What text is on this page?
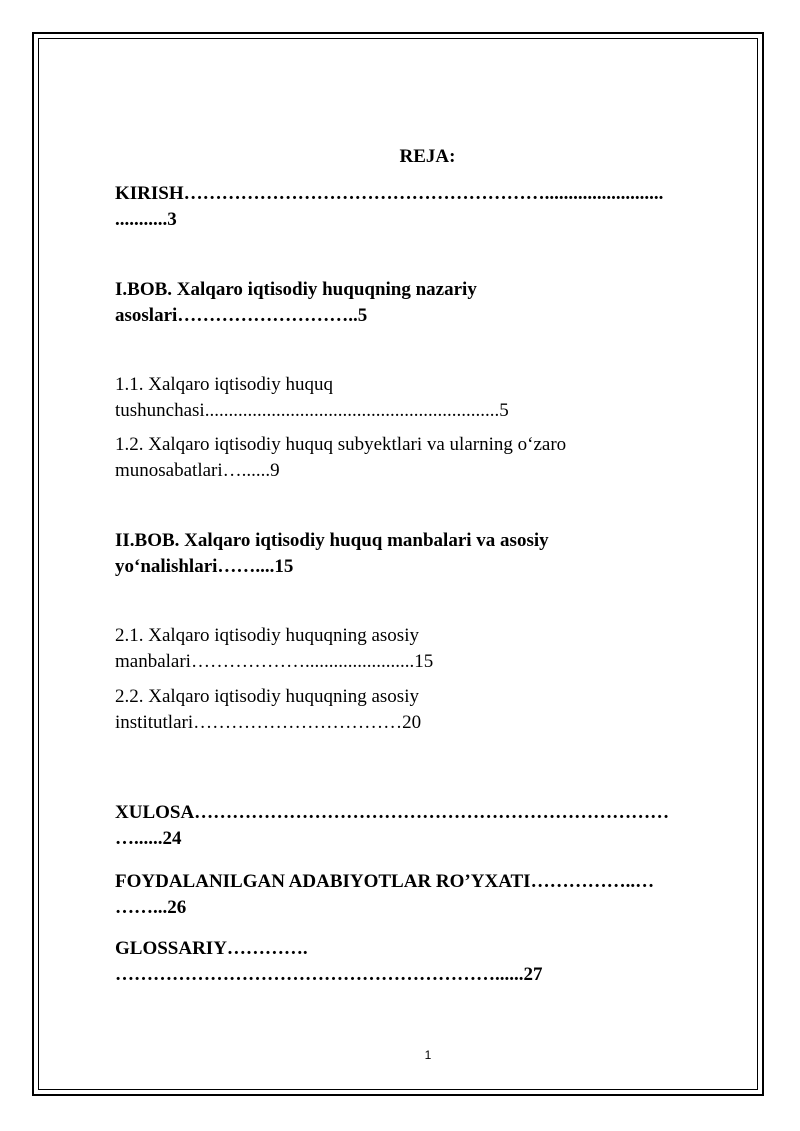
REJA:
KIRISH………………………………………………….........................
...........3
I.BOB. Xalqaro iqtisodiy huquqning nazariy
asoslari………………………..5
1.1. Xalqaro iqtisodiy huquq
tushunchasi..............................................................5
1.2. Xalqaro iqtisodiy huquq subyektlari va ularning o‘zaro
munosabatlari…......9
II.BOB. Xalqaro iqtisodiy huquq manbalari va asosiy
yo‘nalishlari……....15
2.1. Xalqaro iqtisodiy huquqning asosiy
manbalari……………….......................15
2.2. Xalqaro iqtisodiy huquqning asosiy
institutlari……………………………20
XULOSA…………………………………………………………………
…......24
FOYDALANILGAN ADABIYOTLAR RO’YXATI……………..…
……...26
GLOSSARIY………….
……………………………………………………......27
1
